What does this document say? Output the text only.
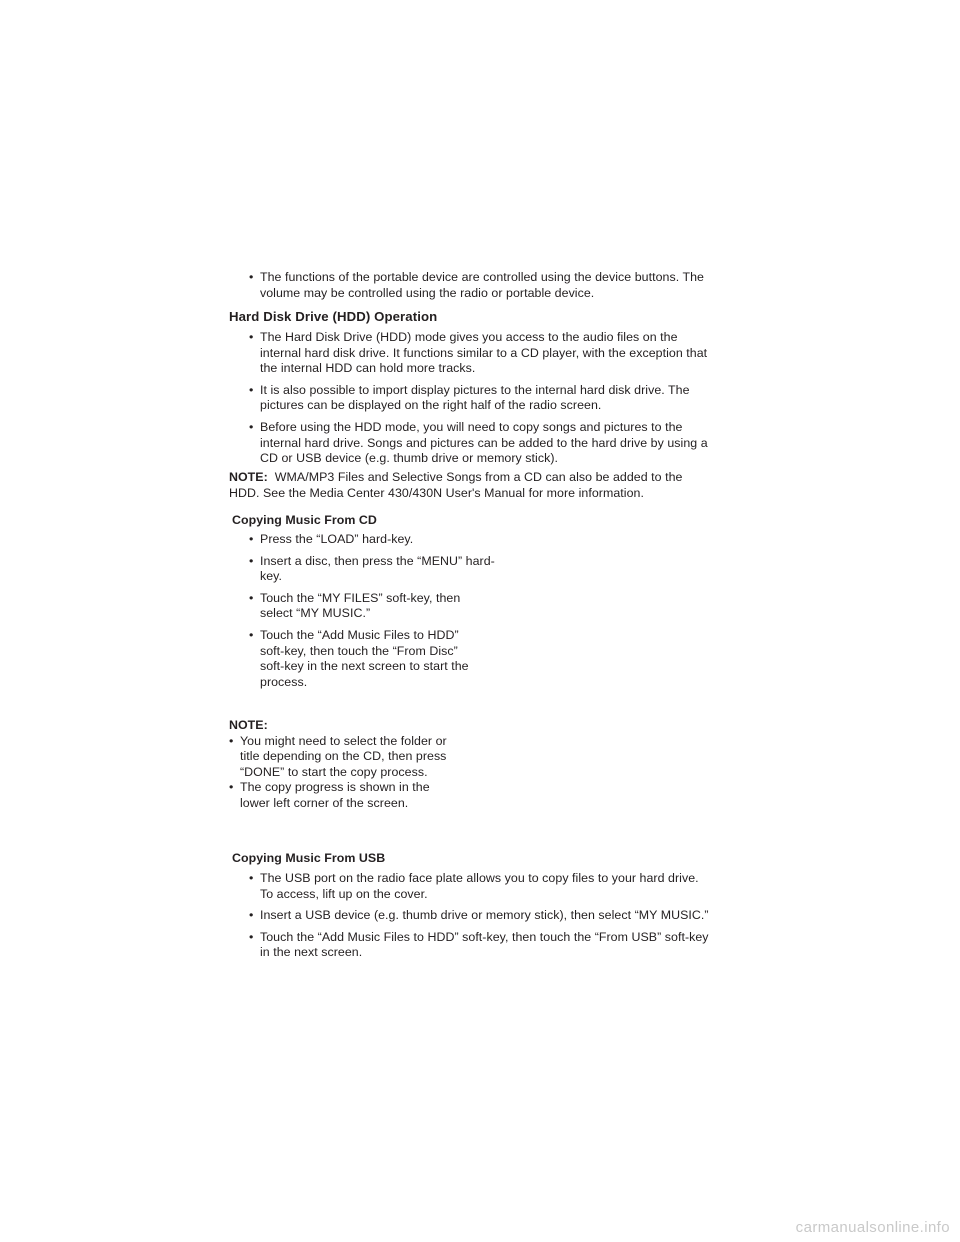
• The functions of the portable device are controlled using the device buttons. The volume may be controlled using the radio or portable device.
Hard Disk Drive (HDD) Operation
• The Hard Disk Drive (HDD) mode gives you access to the audio files on the internal hard disk drive. It functions similar to a CD player, with the exception that the internal HDD can hold more tracks.
• It is also possible to import display pictures to the internal hard disk drive. The pictures can be displayed on the right half of the radio screen.
• Before using the HDD mode, you will need to copy songs and pictures to the internal hard drive. Songs and pictures can be added to the hard drive by using a CD or USB device (e.g. thumb drive or memory stick).
NOTE: WMA/MP3 Files and Selective Songs from a CD can also be added to the HDD. See the Media Center 430/430N User's Manual for more information.
Copying Music From CD
• Press the “LOAD” hard-key.
• Insert a disc, then press the “MENU” hard-key.
• Touch the “MY FILES” soft-key, then select “MY MUSIC.”
• Touch the “Add Music Files to HDD” soft-key, then touch the “From Disc” soft-key in the next screen to start the process.
NOTE:
• You might need to select the folder or title depending on the CD, then press “DONE” to start the copy process.
• The copy progress is shown in the lower left corner of the screen.
Copying Music From USB
• The USB port on the radio face plate allows you to copy files to your hard drive. To access, lift up on the cover.
• Insert a USB device (e.g. thumb drive or memory stick), then select “MY MUSIC.”
• Touch the “Add Music Files to HDD” soft-key, then touch the “From USB” soft-key in the next screen.
carmanualsonline.info
